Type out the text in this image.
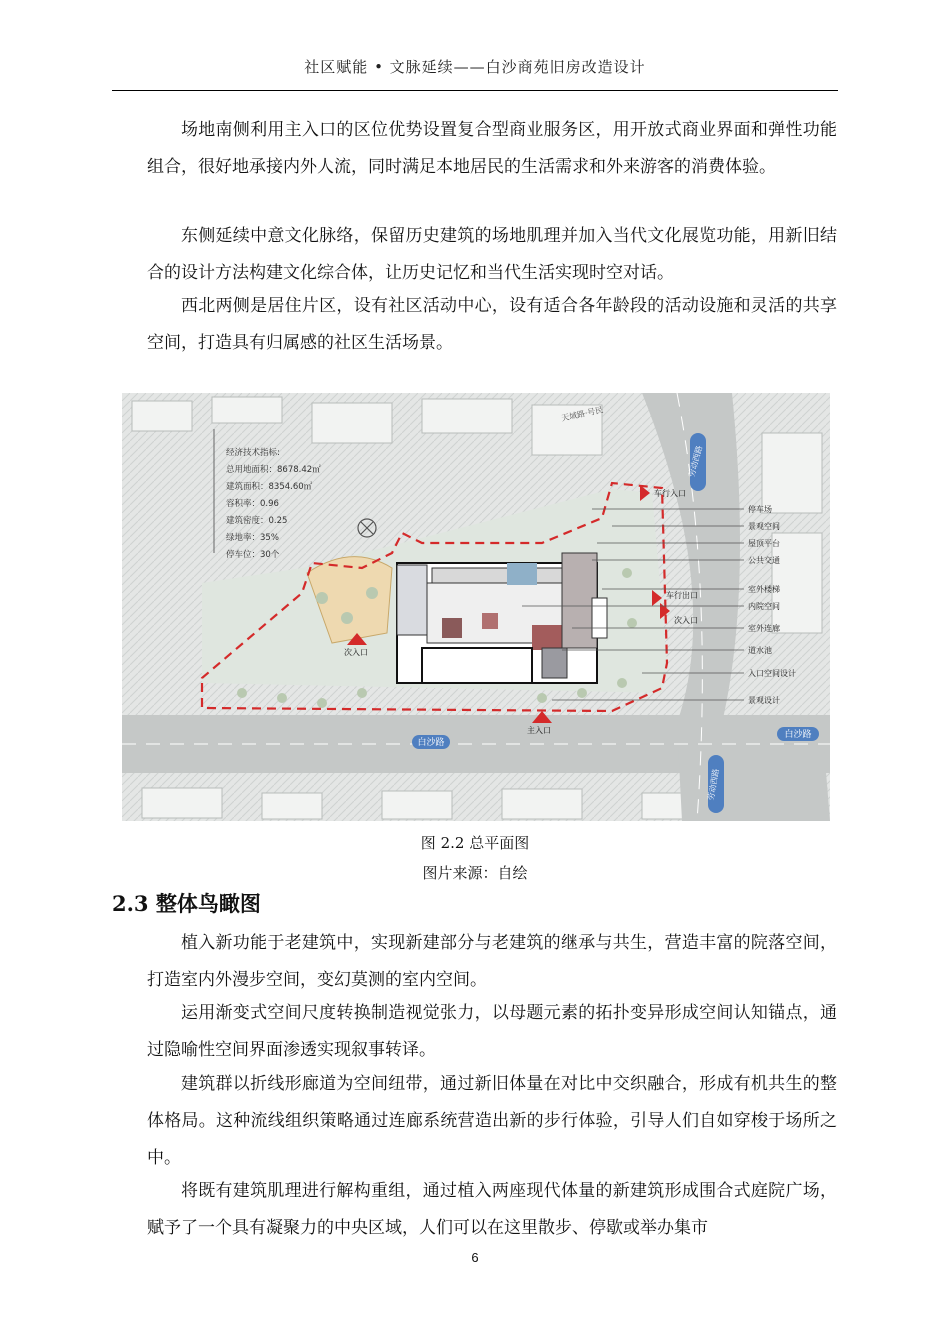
社区赋能 • 文脉延续——白沙商苑旧房改造设计

场地南侧利用主入口的区位优势设置复合型商业服务区，用开放式商业界面和弹性功能组合，很好地承接内外人流，同时满足本地居民的生活需求和外来游客的消费体验。

东侧延续中意文化脉络，保留历史建筑的场地肌理并加入当代文化展览功能，用新旧结合的设计方法构建文化综合体，让历史记忆和当代生活实现时空对话。

西北两侧是居住片区，设有社区活动中心，设有适合各年龄段的活动设施和灵活的共享空间，打造具有归属感的社区生活场景。

白沙路
白沙路
劳动西路
劳动西路
天域路·号民
次入口
主入口
次入口
车行入口
车行出口
经济技术指标:
总用地面积：8678.42㎡
建筑面积：8354.60㎡
容积率：0.96
建筑密度：0.25
绿地率：35%
停车位：30个
停车场
景观空间
屋顶平台
公共交通
室外楼梯
内院空间
室外连廊
道水池
入口空间设计
景观设计
图 2.2 总平面图
图片来源：自绘
2.3 整体鸟瞰图

植入新功能于老建筑中，实现新建部分与老建筑的继承与共生，营造丰富的院落空间，打造室内外漫步空间，变幻莫测的室内空间。

运用渐变式空间尺度转换制造视觉张力，以母题元素的拓扑变异形成空间认知锚点，通过隐喻性空间界面渗透实现叙事转译。

建筑群以折线形廊道为空间纽带，通过新旧体量在对比中交织融合，形成有机共生的整体格局。这种流线组织策略通过连廊系统营造出新的步行体验，引导人们自如穿梭于场所之中。

将既有建筑肌理进行解构重组，通过植入两座现代体量的新建筑形成围合式庭院广场，赋予了一个具有凝聚力的中央区域，人们可以在这里散步、停歇或举办集市

6
